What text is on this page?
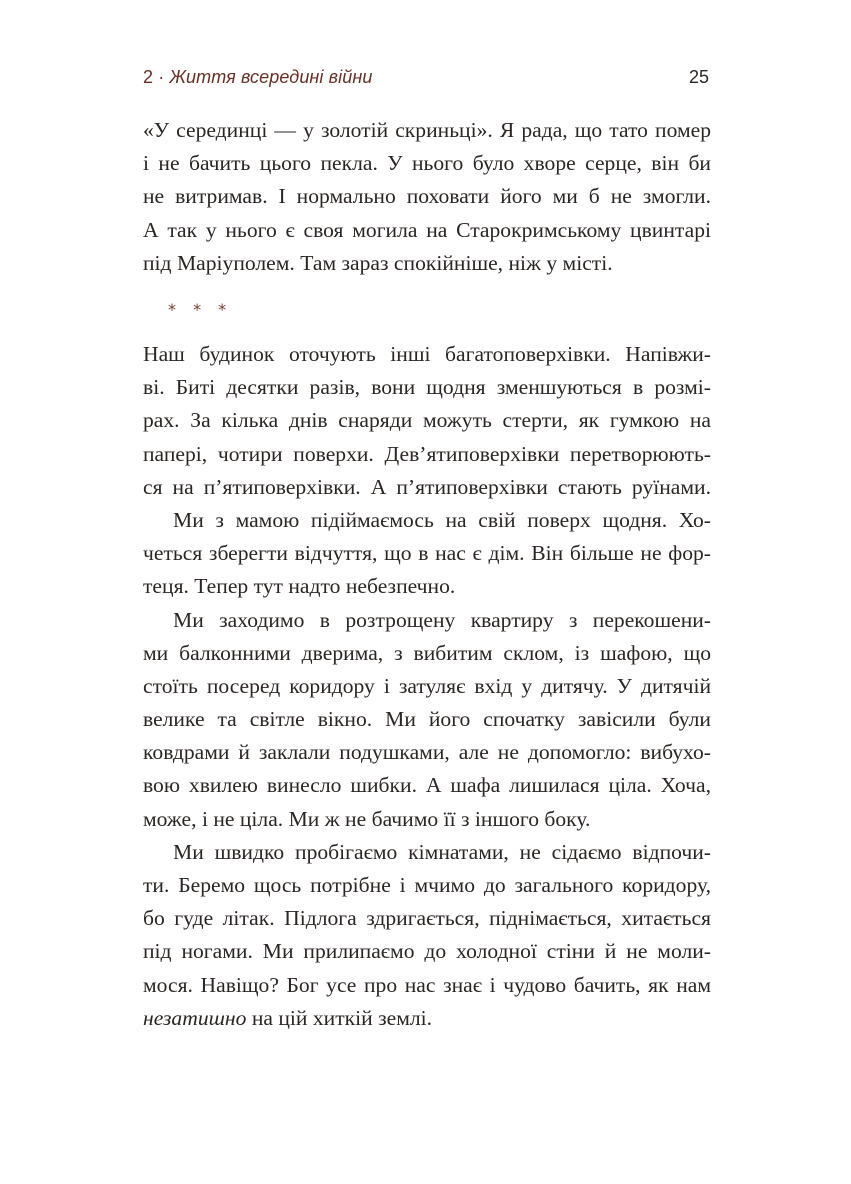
2 · Життя всередині війни	25
«У серединці — у золотій скриньці». Я рада, що тато помер
і не бачить цього пекла. У нього було хворе серце, він би
не витримав. І нормально поховати його ми б не змогли.
А так у нього є своя могила на Старокримському цвинтарі
під Маріуполем. Там зараз спокійніше, ніж у місті.
* * *
Наш будинок оточують інші багатоповерхівки. Напівжи-
ві. Биті десятки разів, вони щодня зменшуються в розмі-
рах. За кілька днів снаряди можуть стерти, як гумкою на
папері, чотири поверхи. Дев’ятиповерхівки перетворюють-
ся на п’ятиповерхівки. А п’ятиповерхівки стають руїнами.
Ми з мамою підіймаємось на свій поверх щодня. Хо-
четься зберегти відчуття, що в нас є дім. Він більше не фор-
теця. Тепер тут надто небезпечно.
Ми заходимо в розтрощену квартиру з перекошени-
ми балконними дверима, з вибитим склом, із шафою, що
стоїть посеред коридору і затуляє вхід у дитячу. У дитячій
велике та світле вікно. Ми його спочатку завісили були
ковдрами й заклали подушками, але не допомогло: вибухо-
вою хвилею винесло шибки. А шафа лишилася ціла. Хоча,
може, і не ціла. Ми ж не бачимо її з іншого боку.
Ми швидко пробігаємо кімнатами, не сідаємо відпочи-
ти. Беремо щось потрібне і мчимо до загального коридору,
бо гуде літак. Підлога здригається, піднімається, хитається
під ногами. Ми прилипаємо до холодної стіни й не моли-
мося. Навіщо? Бог усе про нас знає і чудово бачить, як нам
незатишно на цій хиткій землі.
